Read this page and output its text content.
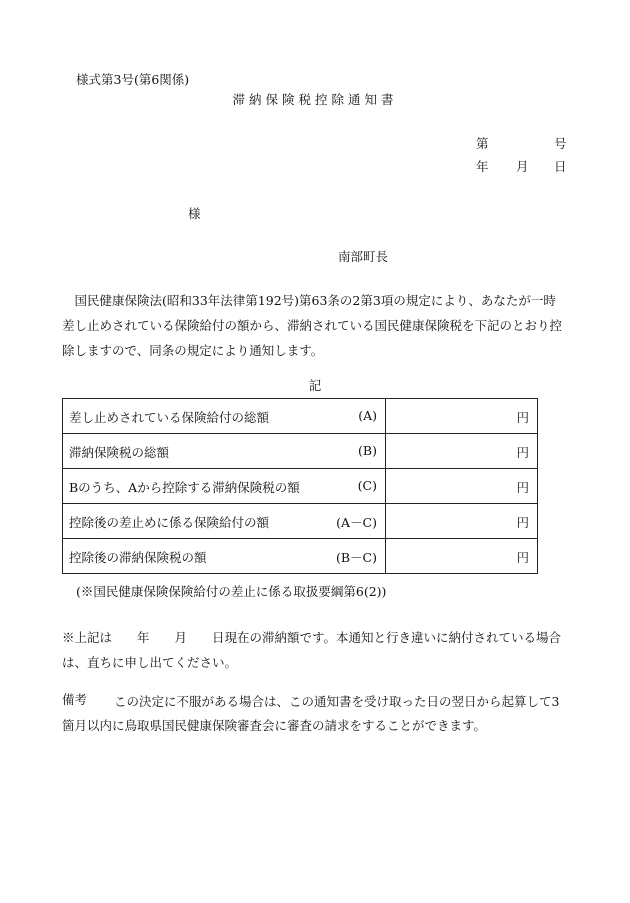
様式第3号(第6関係)
滞納保険税控除通知書
第	号
年 月 日
様
南部町長
国民健康保険法(昭和33年法律第192号)第63条の2第3項の規定により、あなたが一時差し止めされている保険給付の額から、滞納されている国民健康保険税を下記のとおり控除しますので、同条の規定により通知します。
記
差し止めされている保険給付の総額 (A)	円

滞納保険税の総額 (B)	円

Bのうち、Aから控除する滞納保険税の額 (C)	円

控除後の差止めに係る保険給付の額 (A－C)	円

控除後の滞納保険税の額 (B－C)	円
(※国民健康保険保険給付の差止に係る取扱要綱第6(2))
※上記は　　年　　月　　日現在の滞納額です。本通知と行き違いに納付されている場合は、直ちに申し出てください。
備考	この決定に不服がある場合は、この通知書を受け取った日の翌日から起算して3箇月以内に鳥取県国民健康保険審査会に審査の請求をすることができます。
